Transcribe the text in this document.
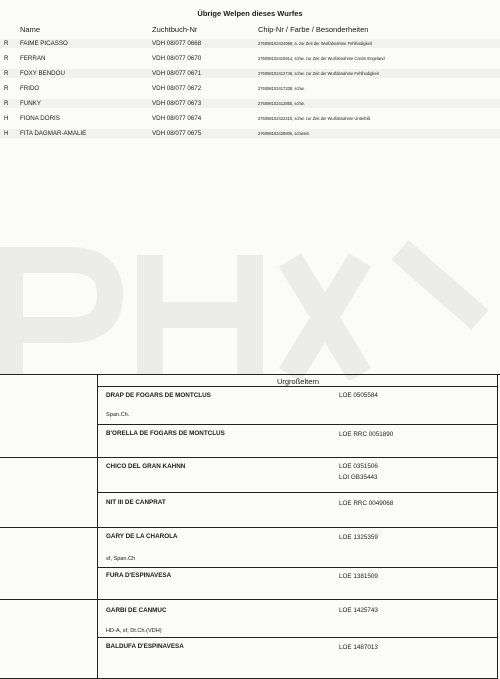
Übrige Welpen dieses Wurfes
Name	Zuchtbuch-Nr	Chip-Nr / Farbe / Besonderheiten
R FAIME PICASSO	VDH 08/077 0668	276098102424959, a. zur Zeit der Wurfabnahme Fehlhodigkeit
R FERRAN	VDH 08/077 0670	276098102415914, schw. zur Zeit der Wurfabnahme Canim Engeland
R FOXY BENDOU	VDH 08/077 0671	276098102412746, schw. zur Zeit der Wurfabnahme Fehlhodigkeit
R FRIDO	VDH 08/077 0672	276098102417338, schw.
R FUNKY	VDH 08/077 0673	276098102412855, schw.
H FIONA DORIS	VDH 08/077 0674	276098102422210, schw. zur Zeit der Wurfabnahme Unterbiß
H FITA DAGMAR-AMALIE	VDH 08/077 0675	276098102428806, schwein
Urgroßeltern
DRAP DE FOGARS DE MONTCLUS	LOE 0505584
Span.Ch.
B'ORELLA DE FOGARS DE MONTCLUS	LOE RRC 0051890
CHICO DEL GRAN KAHNN	LOE 0351506
LOI GB35443
NIT III DE CANPRAT	LOE RRC 0049068
GARY DE LA CHAROLA	LOE 1325359
sf, Span.Ch
FURA D'ESPINAVESA	LOE 1381509
GARBI DE CANMUC	LOE 1425743
HD-A, sf, Dt.Ch.(VDH)
BALDUFA D'ESPINAVESA	LOE 1487013
